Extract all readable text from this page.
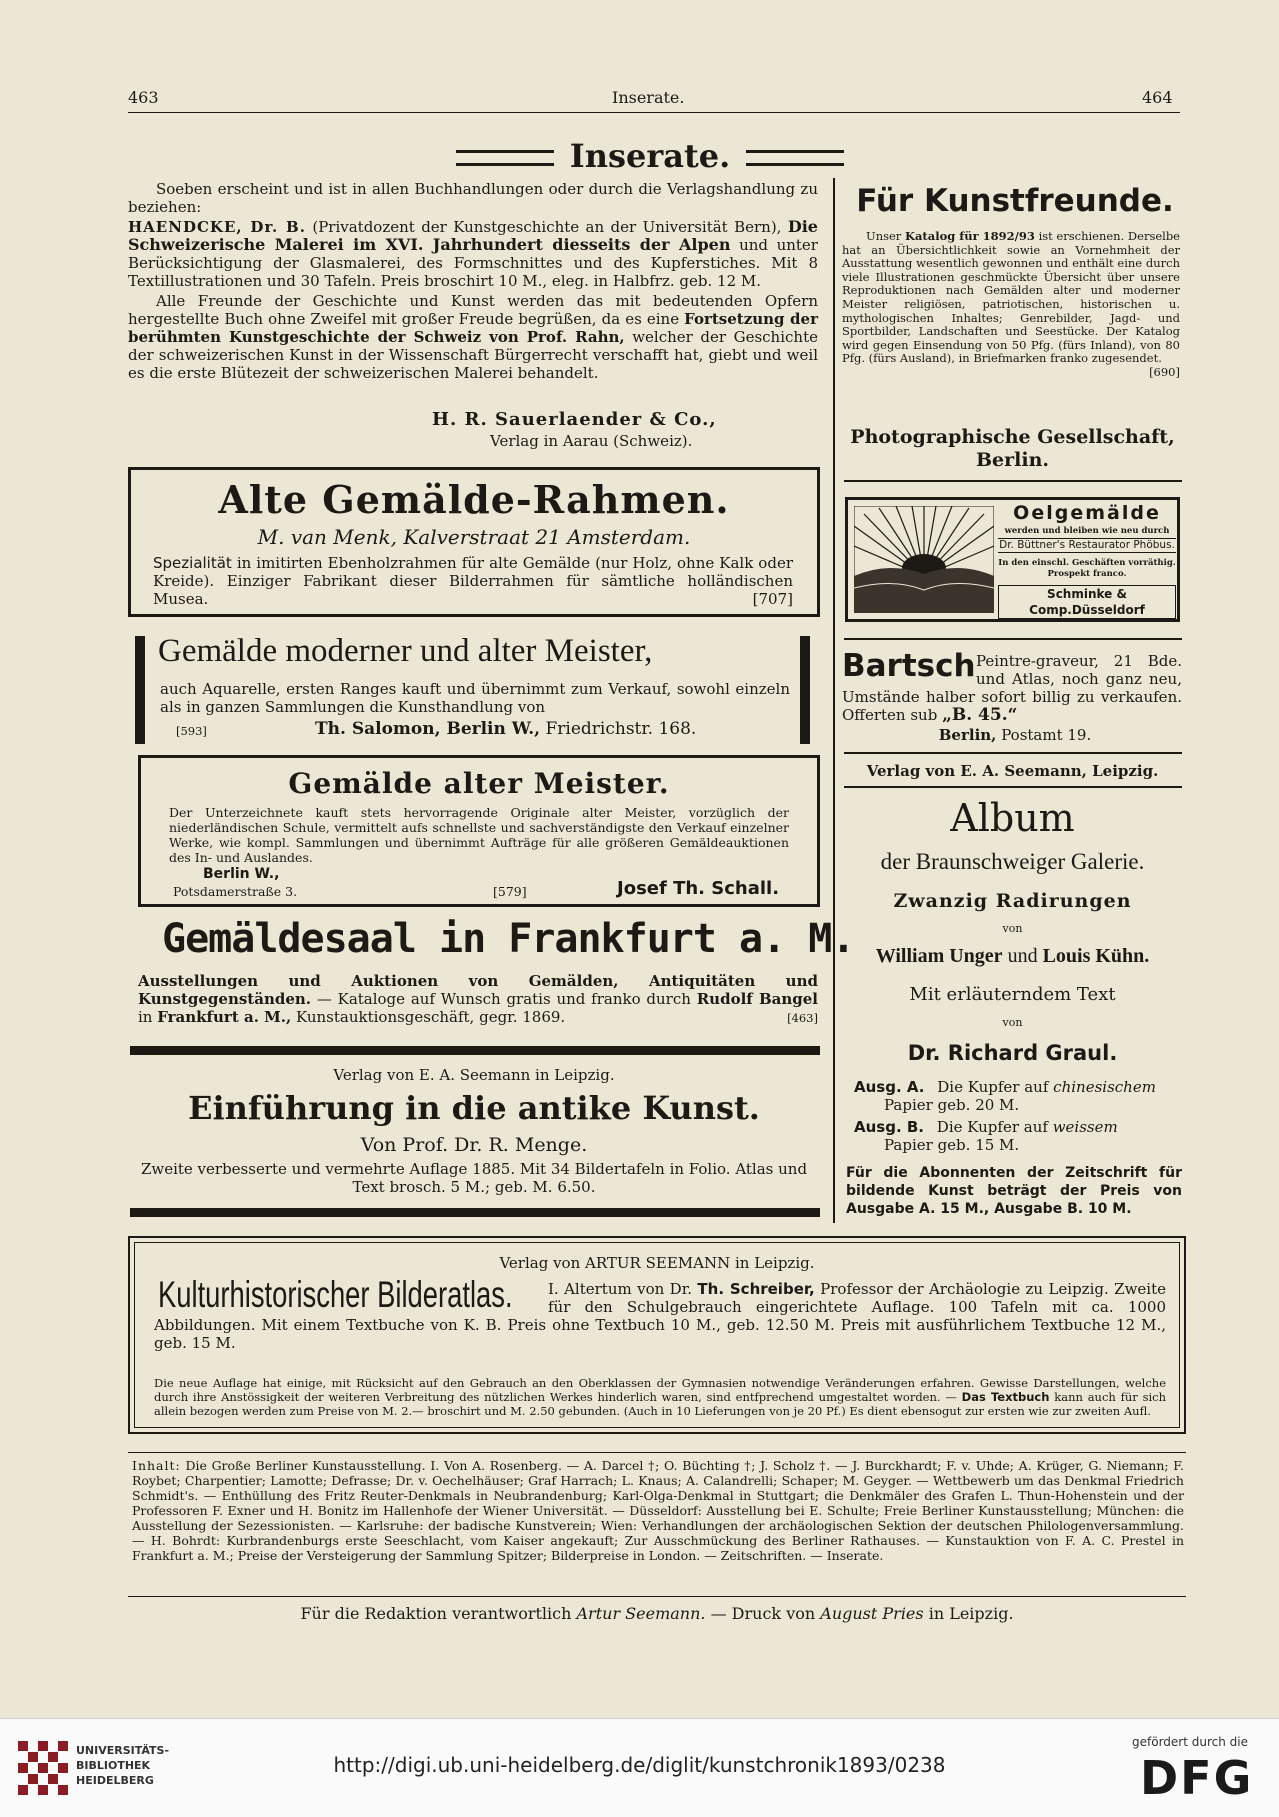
463	Inserate.	464
Inserate.

Soeben erscheint und ist in allen Buchhandlungen oder durch die Verlagshandlung zu beziehen:

HAENDCKE, Dr. B. (Privatdozent der Kunstgeschichte an der Universität Bern), Die Schweizerische Malerei im XVI. Jahrhundert diesseits der Alpen und unter Berücksichtigung der Glasmalerei, des Formschnittes und des Kupferstiches. Mit 8 Textillustrationen und 30 Tafeln. Preis broschirt 10 M., eleg. in Halbfrz. geb. 12 M.

Alle Freunde der Geschichte und Kunst werden das mit bedeutenden Opfern hergestellte Buch ohne Zweifel mit großer Freude begrüßen, da es eine Fortsetzung der berühmten Kunstgeschichte der Schweiz von Prof. Rahn, welcher der Geschichte der schweizerischen Kunst in der Wissenschaft Bürgerrecht verschafft hat, giebt und weil es die erste Blütezeit der schweizerischen Malerei behandelt.

H. R. Sauerlaender & Co.,
Verlag in Aarau (Schweiz).
Alte Gemälde-Rahmen.
M. van Menk, Kalverstraat 21 Amsterdam.
Spezialität in imitirten Ebenholzrahmen für alte Gemälde (nur Holz, ohne Kalk oder Kreide). Einziger Fabrikant dieser Bilderrahmen für sämtliche holländischen Musea.	[707]
Gemälde moderner und alter Meister,
auch Aquarelle, ersten Ranges kauft und übernimmt zum Verkauf, sowohl einzeln als in ganzen Sammlungen die Kunsthandlung von
[593]	Th. Salomon, Berlin W., Friedrichstr. 168.
Gemälde alter Meister.
Der Unterzeichnete kauft stets hervorragende Originale alter Meister, vorzüglich der niederländischen Schule, vermittelt aufs schnellste und sachverständigste den Verkauf einzelner Werke, wie kompl. Sammlungen und übernimmt Aufträge für alle größeren Gemäldeauktionen des In- und Auslandes.
Berlin W.,
Potsdamerstraße 3.	[579]	Josef Th. Schall.
Gemäldesaal in Frankfurt a. M.
Ausstellungen und Auktionen von Gemälden, Antiquitäten und Kunstgegenständen. — Kataloge auf Wunsch gratis und franko durch Rudolf Bangel in Frankfurt a. M., Kunstauktionsgeschäft, gegr. 1869.	[463]
Verlag von E. A. Seemann in Leipzig.
Einführung in die antike Kunst.
Von Prof. Dr. R. Menge.
Zweite verbesserte und vermehrte Auflage 1885. Mit 34 Bildertafeln in Folio. Atlas und Text brosch. 5 M.; geb. M. 6.50.
Für Kunstfreunde.
Unser Katalog für 1892/93 ist erschienen. Derselbe hat an Übersichtlichkeit sowie an Vornehmheit der Ausstattung wesentlich gewonnen und enthält eine durch viele Illustrationen geschmückte Übersicht über unsere Reproduktionen nach Gemälden alter und moderner Meister religiösen, patriotischen, historischen u. mythologischen Inhaltes; Genrebilder, Jagd- und Sportbilder, Landschaften und Seestücke. Der Katalog wird gegen Einsendung von 50 Pfg. (fürs Inland), von 80 Pfg. (fürs Ausland), in Briefmarken franko zugesendet.
[690]
Photographische Gesellschaft,
Berlin.
Oelgemälde
werden und bleiben wie neu durch
Dr. Büttner's Restaurator Phöbus.
In den einschl. Geschäften vorräthig.
Prospekt franco.
Schminke & Comp.Düsseldorf
Bartsch Peintre-graveur, 21 Bde. und Atlas, noch ganz neu, Umstände halber sofort billig zu verkaufen. Offerten sub „B. 45.“
Berlin, Postamt 19.
Verlag von E. A. Seemann, Leipzig.
Album
der Braunschweiger Galerie.
Zwanzig Radirungen
von
William Unger und Louis Kühn.
Mit erläuterndem Text
von
Dr. Richard Graul.
Ausg. A. Die Kupfer auf chinesischem
Papier geb. 20 M.
Ausg. B. Die Kupfer auf weissem
Papier geb. 15 M.
Für die Abonnenten der Zeitschrift für bildende Kunst beträgt der Preis von Ausgabe A. 15 M., Ausgabe B. 10 M.
Verlag von ARTUR SEEMANN in Leipzig.
Kulturhistorischer Bilderatlas.	I. Altertum von Dr. Th. Schreiber, Professor der Archäologie zu Leipzig. Zweite für den Schulgebrauch eingerichtete Auflage. 100 Tafeln mit ca. 1000 Abbildungen. Mit einem Textbuche von K. B. Preis ohne Textbuch 10 M., geb. 12.50 M. Preis mit ausführlichem Textbuche 12 M., geb. 15 M.
Die neue Auflage hat einige, mit Rücksicht auf den Gebrauch an den Oberklassen der Gymnasien notwendige Veränderungen erfahren. Gewisse Darstellungen, welche durch ihre Anstössigkeit der weiteren Verbreitung des nützlichen Werkes hinderlich waren, sind entfprechend umgestaltet worden. — Das Textbuch kann auch für sich allein bezogen werden zum Preise von M. 2.— broschirt und M. 2.50 gebunden. (Auch in 10 Lieferungen von je 20 Pf.) Es dient ebensogut zur ersten wie zur zweiten Aufl.
Inhalt: Die Große Berliner Kunstausstellung. I. Von A. Rosenberg. — A. Darcel †; O. Büchting †; J. Scholz †. — J. Burckhardt; F. v. Uhde; A. Krüger, G. Niemann; F. Roybet; Charpentier; Lamotte; Defrasse; Dr. v. Oechelhäuser; Graf Harrach; L. Knaus; A. Calandrelli; Schaper; M. Geyger. — Wettbewerb um das Denkmal Friedrich Schmidt's. — Enthüllung des Fritz Reuter-Denkmals in Neubrandenburg; Karl-Olga-Denkmal in Stuttgart; die Denkmäler des Grafen L. Thun-Hohenstein und der Professoren F. Exner und H. Bonitz im Hallenhofe der Wiener Universität. — Düsseldorf: Ausstellung bei E. Schulte; Freie Berliner Kunstausstellung; München: die Ausstellung der Sezessionisten. — Karlsruhe: der badische Kunstverein; Wien: Verhandlungen der archäologischen Sektion der deutschen Philologenversammlung. — H. Bohrdt: Kurbrandenburgs erste Seeschlacht, vom Kaiser angekauft; Zur Ausschmückung des Berliner Rathauses. — Kunstauktion von F. A. C. Prestel in Frankfurt a. M.; Preise der Versteigerung der Sammlung Spitzer; Bilderpreise in London. — Zeitschriften. — Inserate.
Für die Redaktion verantwortlich Artur Seemann. — Druck von August Pries in Leipzig.
UNIVERSITÄTS-
BIBLIOTHEK
HEIDELBERG
http://digi.ub.uni-heidelberg.de/diglit/kunstchronik1893/0238
gefördert durch die
DFG
